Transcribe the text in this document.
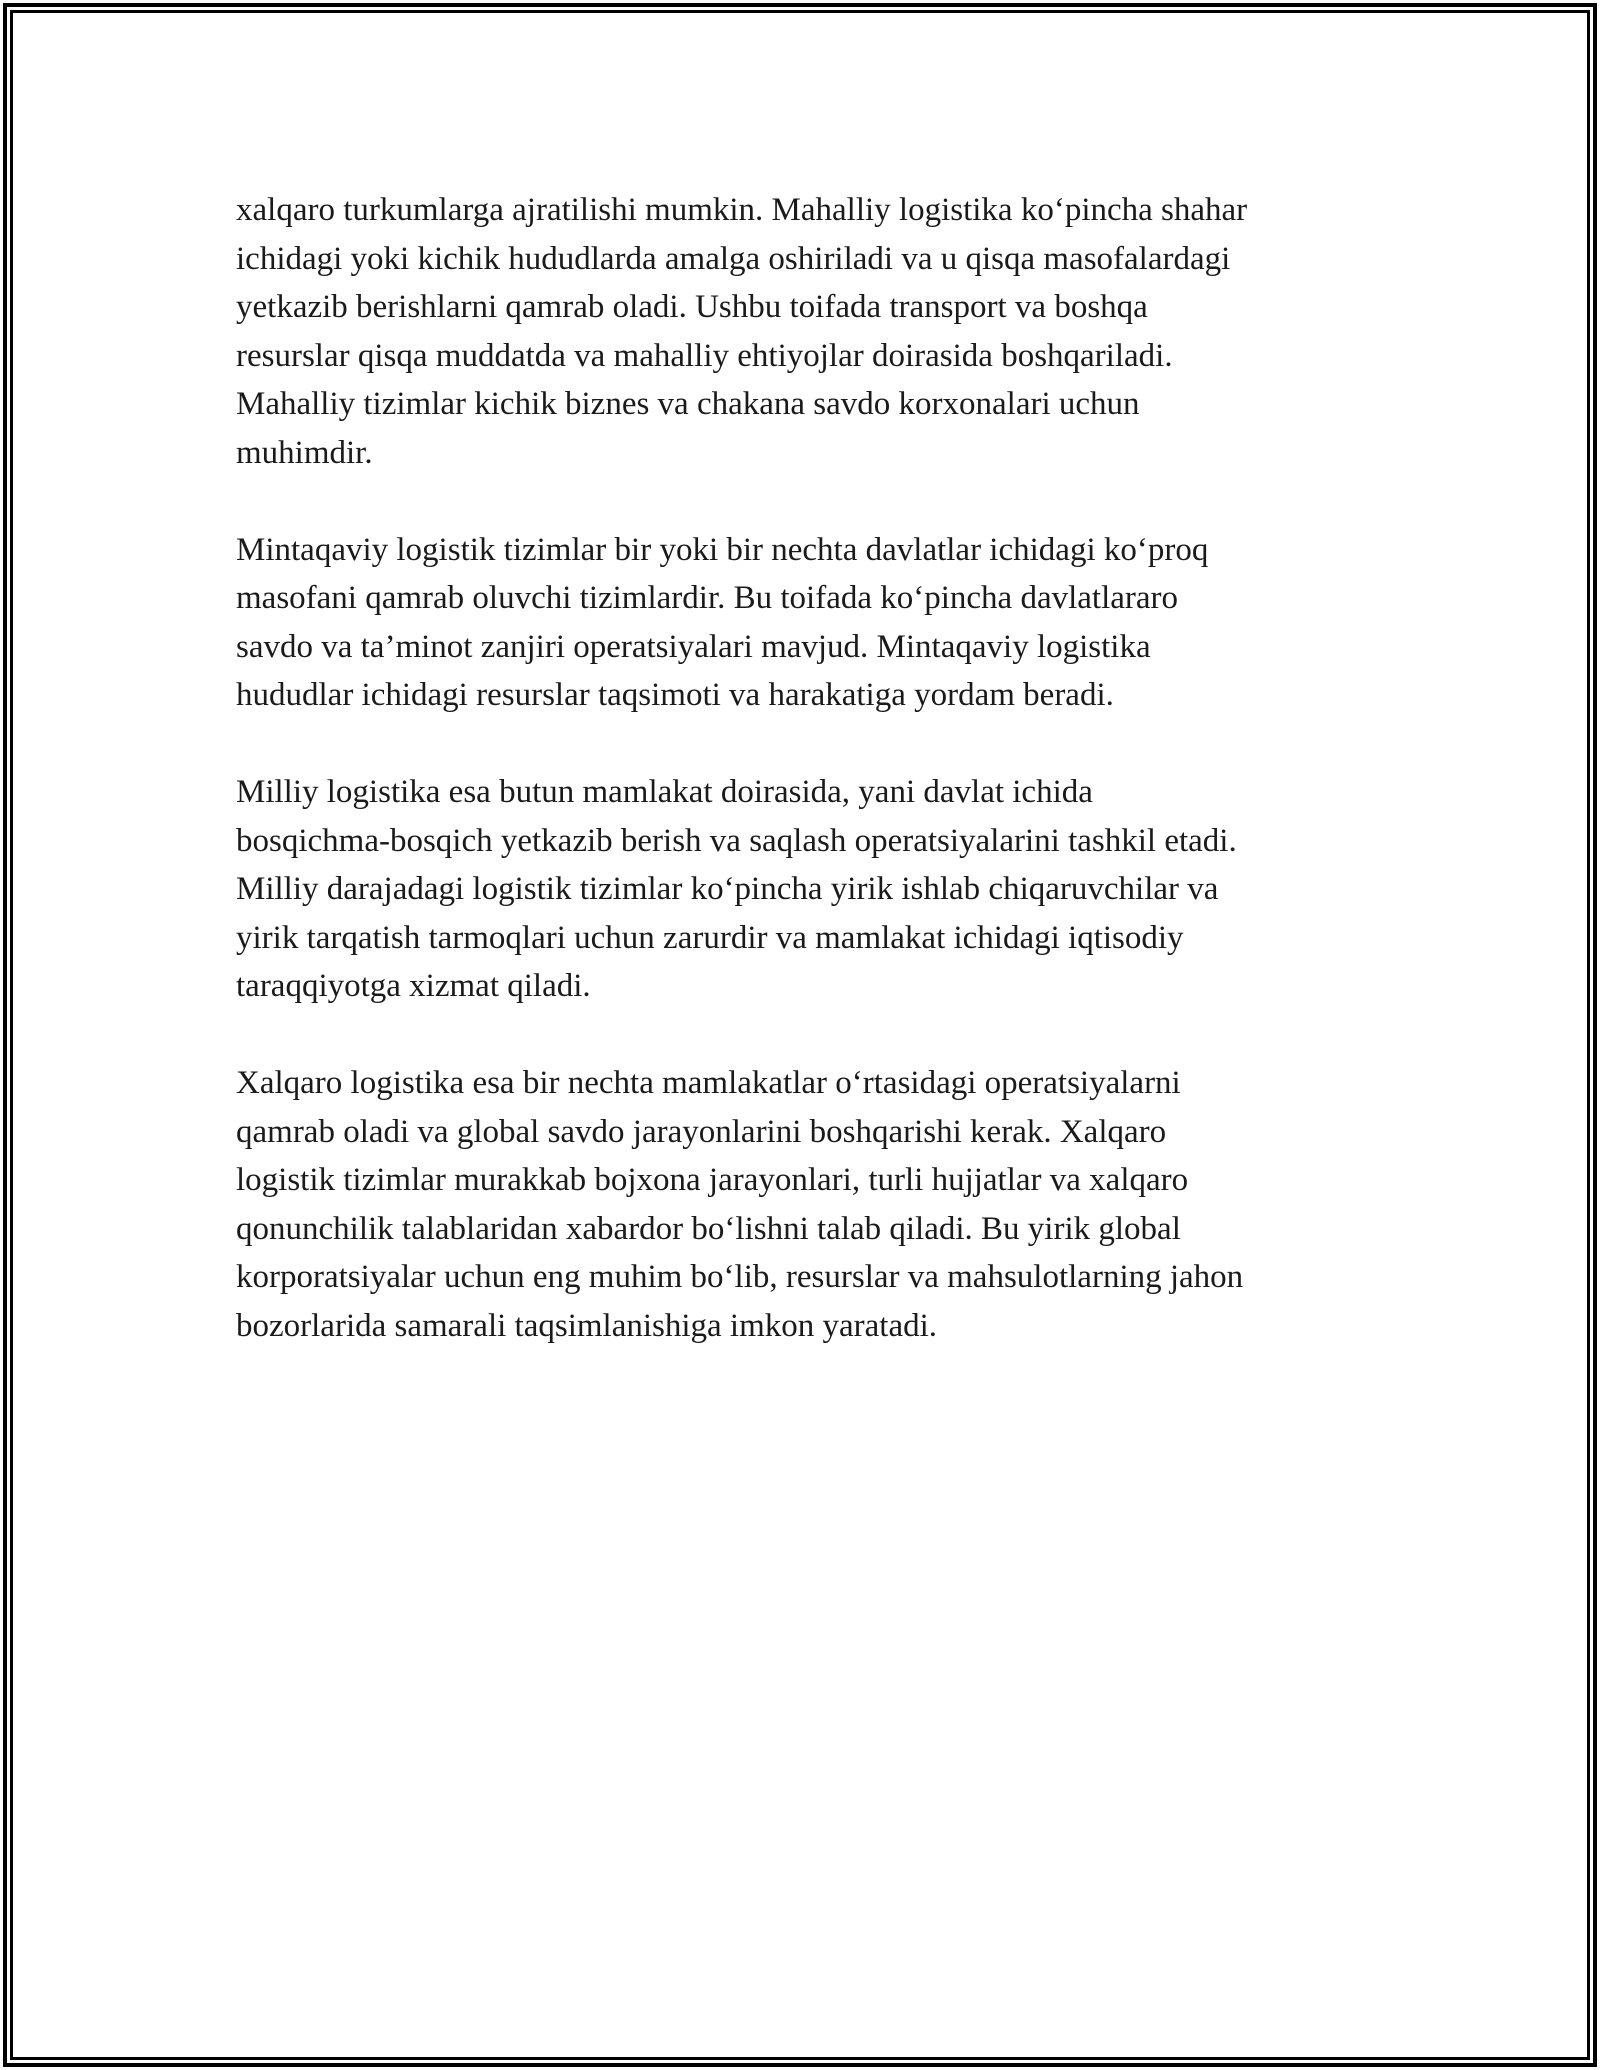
xalqaro turkumlarga ajratilishi mumkin. Mahalliy logistika ko‘pincha shahar
ichidagi yoki kichik hududlarda amalga oshiriladi va u qisqa masofalardagi
yetkazib berishlarni qamrab oladi. Ushbu toifada transport va boshqa
resurslar qisqa muddatda va mahalliy ehtiyojlar doirasida boshqariladi.
Mahalliy tizimlar kichik biznes va chakana savdo korxonalari uchun
muhimdir.
Mintaqaviy logistik tizimlar bir yoki bir nechta davlatlar ichidagi ko‘proq
masofani qamrab oluvchi tizimlardir. Bu toifada ko‘pincha davlatlararo
savdo va ta’minot zanjiri operatsiyalari mavjud. Mintaqaviy logistika
hududlar ichidagi resurslar taqsimoti va harakatiga yordam beradi.
Milliy logistika esa butun mamlakat doirasida, yani davlat ichida
bosqichma-bosqich yetkazib berish va saqlash operatsiyalarini tashkil etadi.
Milliy darajadagi logistik tizimlar ko‘pincha yirik ishlab chiqaruvchilar va
yirik tarqatish tarmoqlari uchun zarurdir va mamlakat ichidagi iqtisodiy
taraqqiyotga xizmat qiladi.
Xalqaro logistika esa bir nechta mamlakatlar o‘rtasidagi operatsiyalarni
qamrab oladi va global savdo jarayonlarini boshqarishi kerak. Xalqaro
logistik tizimlar murakkab bojxona jarayonlari, turli hujjatlar va xalqaro
qonunchilik talablaridan xabardor bo‘lishni talab qiladi. Bu yirik global
korporatsiyalar uchun eng muhim bo‘lib, resurslar va mahsulotlarning jahon
bozorlarida samarali taqsimlanishiga imkon yaratadi.
